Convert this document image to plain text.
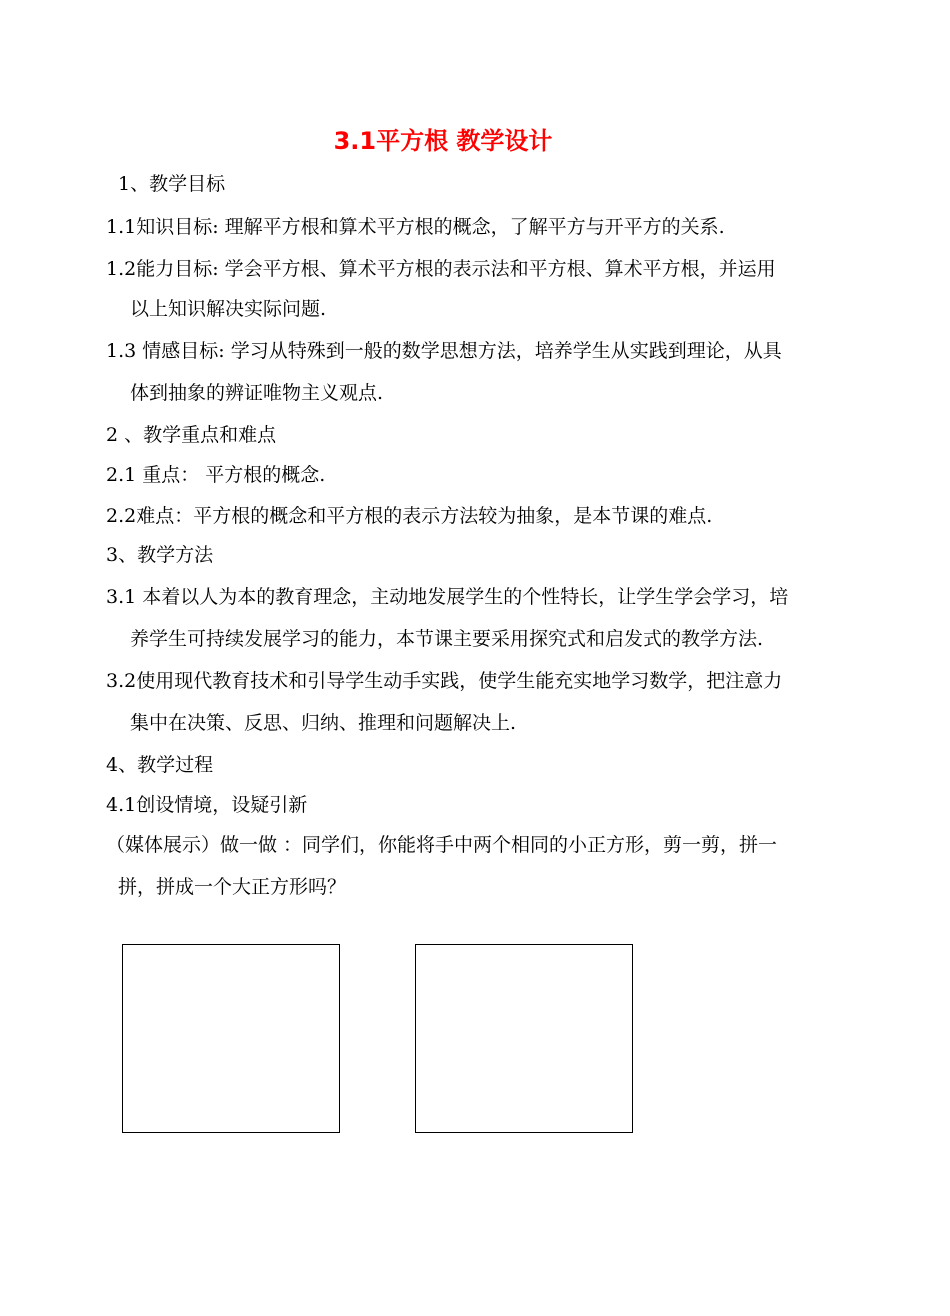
3.1平方根 教学设计
1、教学目标
1.1知识目标: 理解平方根和算术平方根的概念，了解平方与开平方的关系.
1.2能力目标: 学会平方根、算术平方根的表示法和平方根、算术平方根，并运用
以上知识解决实际问题.
1.3 情感目标: 学习从特殊到一般的数学思想方法，培养学生从实践到理论，从具
体到抽象的辨证唯物主义观点.
2 、教学重点和难点
2.1 重点： 平方根的概念.
2.2难点：平方根的概念和平方根的表示方法较为抽象，是本节课的难点.
3、教学方法
3.1 本着以人为本的教育理念，主动地发展学生的个性特长，让学生学会学习，培
养学生可持续发展学习的能力，本节课主要采用探究式和启发式的教学方法.
3.2使用现代教育技术和引导学生动手实践，使学生能充实地学习数学，把注意力
集中在决策、反思、归纳、推理和问题解决上.
4、教学过程
4.1创设情境，设疑引新
（媒体展示）做一做 ：同学们，你能将手中两个相同的小正方形，剪一剪，拼一
拼，拼成一个大正方形吗？
